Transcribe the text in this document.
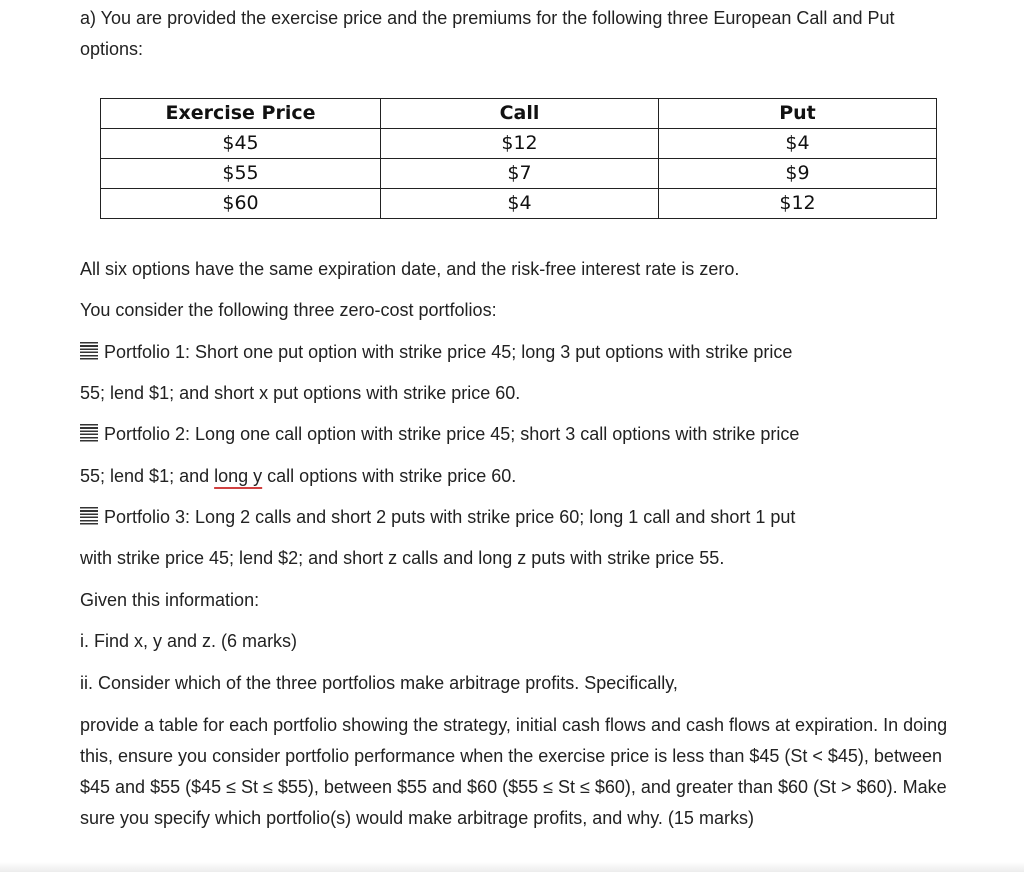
a) You are provided the exercise price and the premiums for the following three European Call and Put options:
Exercise Price	Call	Put
$45	$12	$4
$55	$7	$9
$60	$4	$12
All six options have the same expiration date, and the risk-free interest rate is zero.
You consider the following three zero-cost portfolios:
Portfolio 1: Short one put option with strike price 45; long 3 put options with strike price
55; lend $1; and short x put options with strike price 60.
Portfolio 2: Long one call option with strike price 45; short 3 call options with strike price
55; lend $1; and long y call options with strike price 60.
Portfolio 3: Long 2 calls and short 2 puts with strike price 60; long 1 call and short 1 put
with strike price 45; lend $2; and short z calls and long z puts with strike price 55.
Given this information:
i. Find x, y and z. (6 marks)
ii. Consider which of the three portfolios make arbitrage profits. Specifically,
provide a table for each portfolio showing the strategy, initial cash flows and cash flows at expiration. In doing this, ensure you consider portfolio performance when the exercise price is less than $45 (St < $45), between $45 and $55 ($45 ≤ St ≤ $55), between $55 and $60 ($55 ≤ St ≤ $60), and greater than $60 (St > $60). Make sure you specify which portfolio(s) would make arbitrage profits, and why. (15 marks)
